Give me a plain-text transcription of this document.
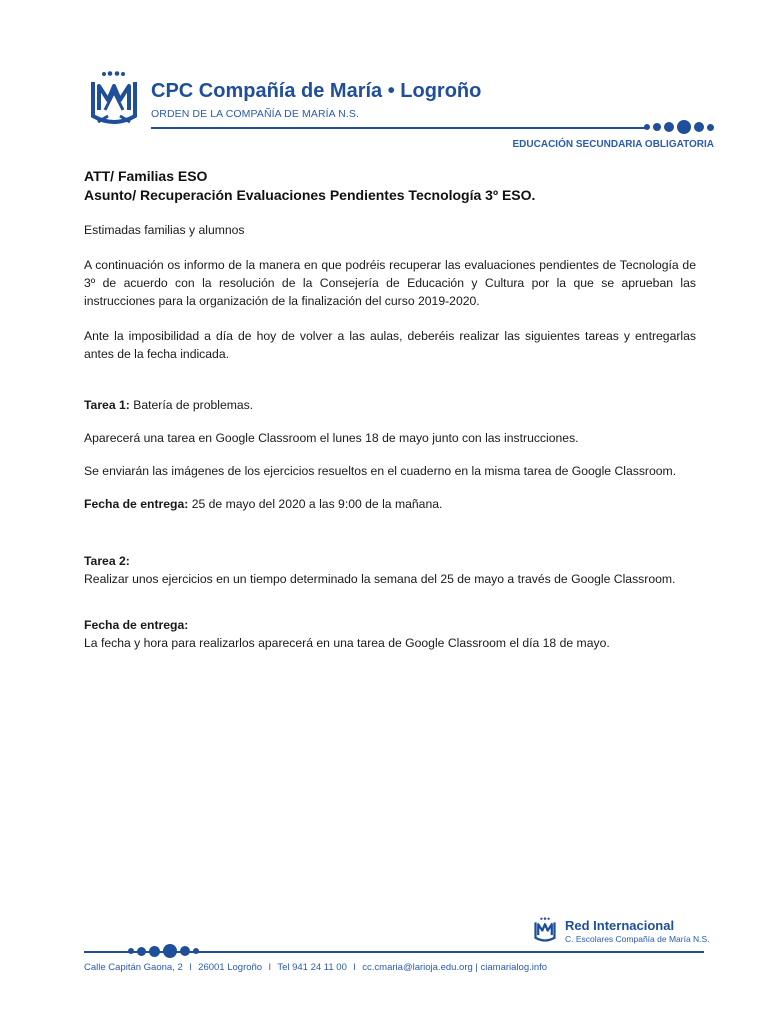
CPC Compañía de María • Logroño
ORDEN DE LA COMPAÑÍA DE MARÍA N.S.
EDUCACIÓN SECUNDARIA OBLIGATORIA

ATT/ Familias ESO

Asunto/ Recuperación Evaluaciones Pendientes Tecnología 3º ESO.

Estimadas familias y alumnos

A continuación os informo de la manera en que podréis recuperar las evaluaciones pendientes de Tecnología de 3º de acuerdo con la resolución de la Consejería de Educación y Cultura por la que se aprueban las instrucciones para la organización de la finalización del curso 2019-2020.

Ante la imposibilidad a día de hoy de volver a las aulas, deberéis realizar las siguientes tareas y entregarlas antes de la fecha indicada.

Tarea 1: Batería de problemas.

Aparecerá una tarea en Google Classroom el lunes 18 de mayo junto con las instrucciones.

Se enviarán las imágenes de los ejercicios resueltos en el cuaderno en la misma tarea de Google Classroom.

Fecha de entrega: 25 de mayo del 2020 a las 9:00 de la mañana.

Tarea 2:

Realizar unos ejercicios en un tiempo determinado la semana del 25 de mayo a través de Google Classroom.

Fecha de entrega:

La fecha y hora para realizarlos aparecerá en una tarea de Google Classroom el día 18 de mayo.

Red Internacional
C. Escolares Compañía de María N.S.
Calle Capitán Gaona, 2 l 26001 Logroño l Tel 941 24 11 00 l cc.cmaria@larioja.edu.org | ciamarialog.info
